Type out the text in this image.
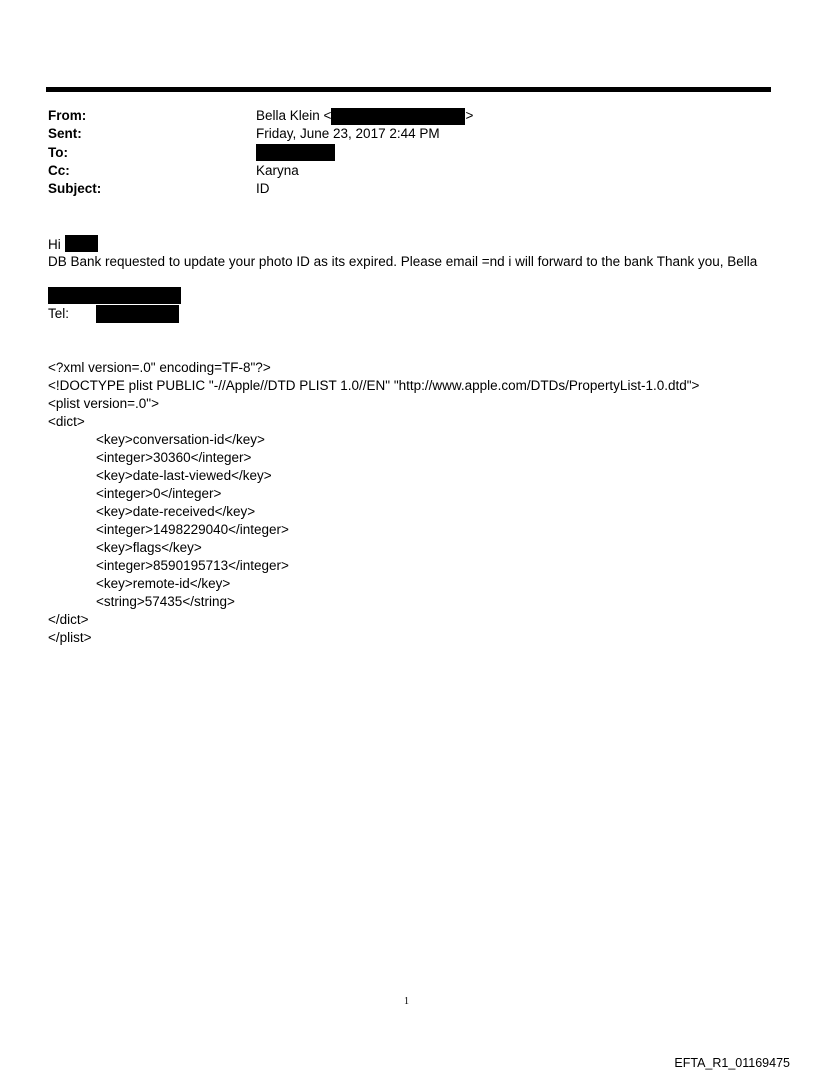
From:	Bella Klein <	>
Sent:	Friday, June 23, 2017 2:44 PM
To:
Cc:	Karyna
Subject:	ID
Hi
DB Bank requested to update your photo ID as its expired. Please email =nd i will forward to the bank Thank you, Bella
Tel:
<?xml version=.0" encoding=TF-8"?>
<!DOCTYPE plist PUBLIC "-//Apple//DTD PLIST 1.0//EN" "http://www.apple.com/DTDs/PropertyList-1.0.dtd">
<plist version=.0">
<dict>
<key>conversation-id</key>
<integer>30360</integer>
<key>date-last-viewed</key>
<integer>0</integer>
<key>date-received</key>
<integer>1498229040</integer>
<key>flags</key>
<integer>8590195713</integer>
<key>remote-id</key>
<string>57435</string>
</dict>
</plist>
1
EFTA_R1_01169475
